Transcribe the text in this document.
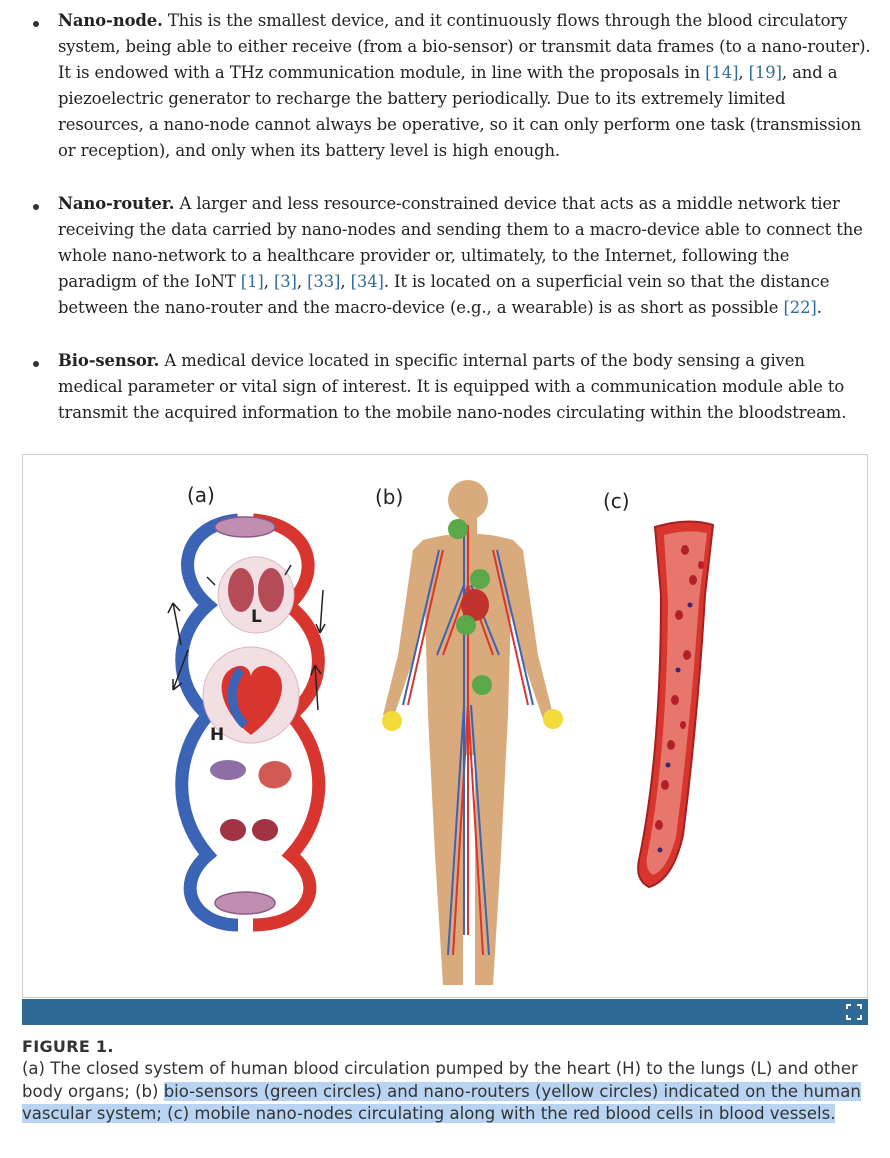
Nano-node. This is the smallest device, and it continuously flows through the blood circulatory system, being able to either receive (from a bio-sensor) or transmit data frames (to a nano-router). It is endowed with a THz communication module, in line with the proposals in [14], [19], and a piezoelectric generator to recharge the battery periodically. Due to its extremely limited resources, a nano-node cannot always be operative, so it can only perform one task (transmission or reception), and only when its battery level is high enough.
Nano-router. A larger and less resource-constrained device that acts as a middle network tier receiving the data carried by nano-nodes and sending them to a macro-device able to connect the whole nano-network to a healthcare provider or, ultimately, to the Internet, following the paradigm of the IoNT [1], [3], [33], [34]. It is located on a superficial vein so that the distance between the nano-router and the macro-device (e.g., a wearable) is as short as possible [22].
Bio-sensor. A medical device located in specific internal parts of the body sensing a given medical parameter or vital sign of interest. It is equipped with a communication module able to transmit the acquired information to the mobile nano-nodes circulating within the bloodstream.
(a)	(b)	(c)
L
H
FIGURE 1.
(a) The closed system of human blood circulation pumped by the heart (H) to the lungs (L) and other body organs; (b) bio-sensors (green circles) and nano-routers (yellow circles) indicated on the human vascular system; (c) mobile nano-nodes circulating along with the red blood cells in blood vessels.
